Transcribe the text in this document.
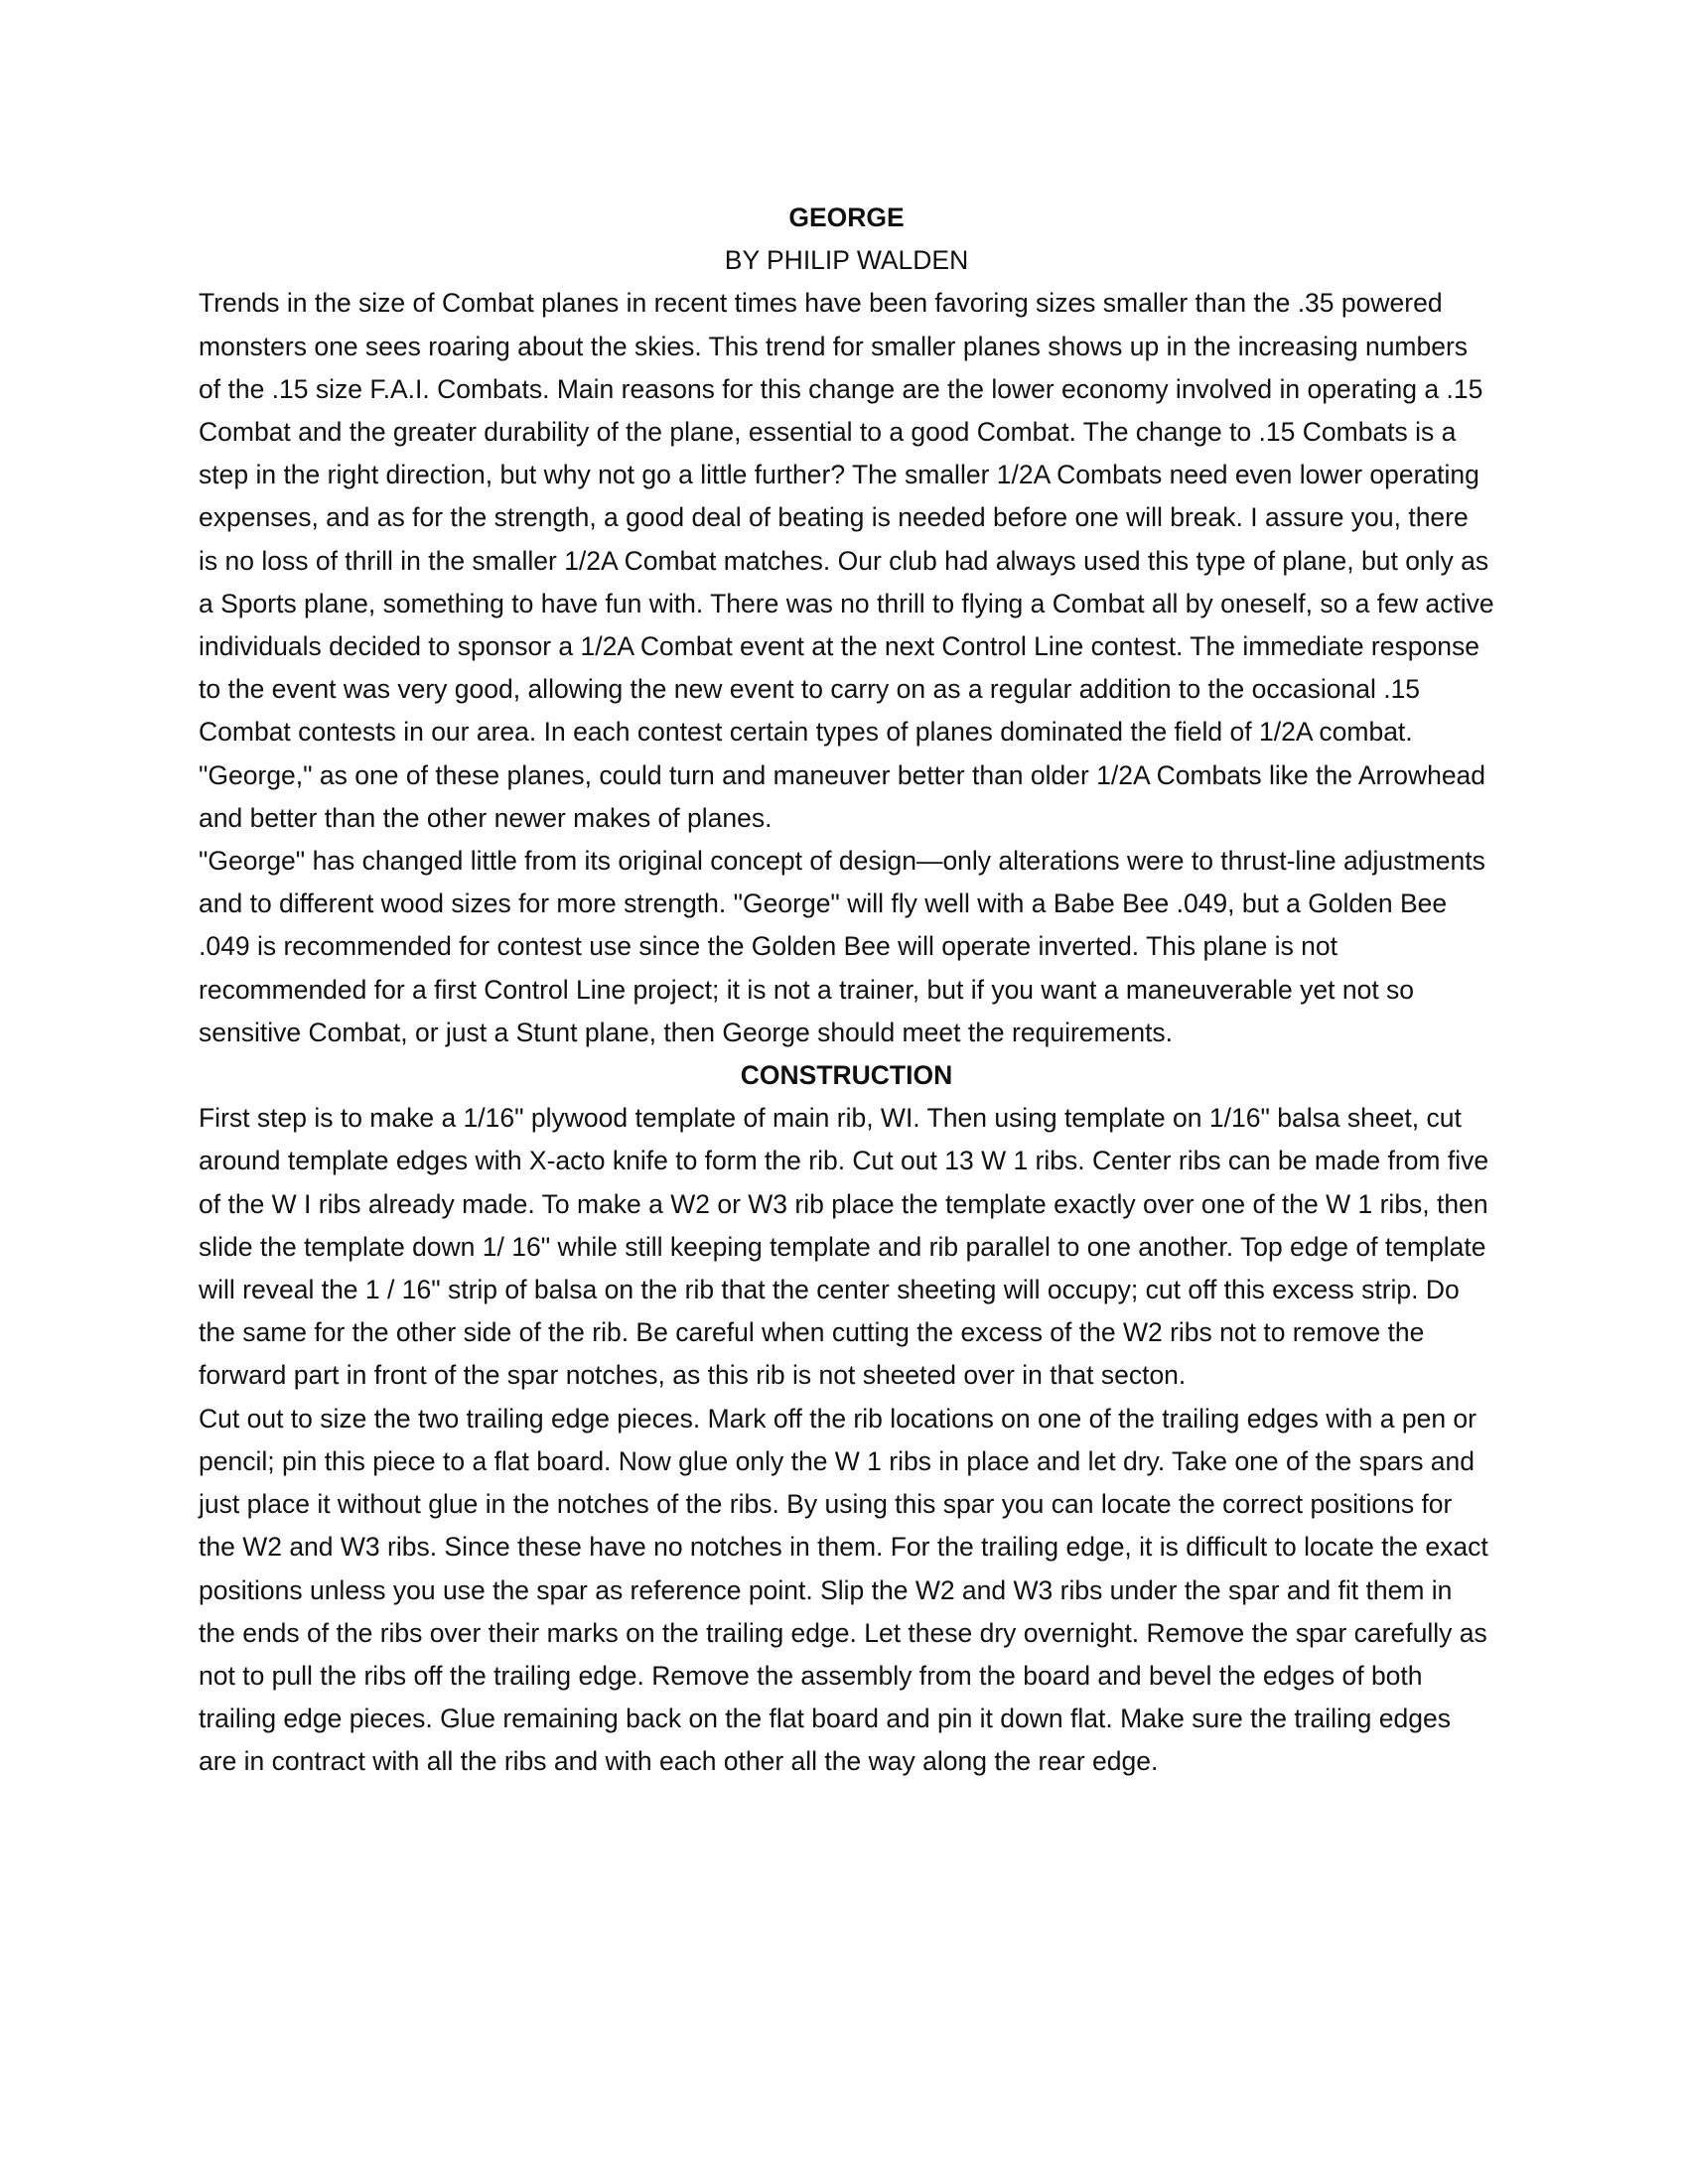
GEORGE

BY PHILIP WALDEN

Trends in the size of Combat planes in recent times have been favoring sizes smaller than the .35 powered monsters one sees roaring about the skies. This trend for smaller planes shows up in the increasing numbers of the .15 size F.A.I. Combats. Main reasons for this change are the lower economy involved in operating a .15 Combat and the greater durability of the plane, essential to a good Combat. The change to .15 Combats is a step in the right direction, but why not go a little further? The smaller 1/2A Combats need even lower operating expenses, and as for the strength, a good deal of beating is needed before one will break. I assure you, there is no loss of thrill in the smaller 1/2A Combat matches. Our club had always used this type of plane, but only as a Sports plane, something to have fun with. There was no thrill to flying a Combat all by oneself, so a few active individuals decided to sponsor a 1/2A Combat event at the next Control Line contest. The immediate response to the event was very good, allowing the new event to carry on as a regular addition to the occasional .15 Combat contests in our area. In each contest certain types of planes dominated the field of 1/2A combat. "George," as one of these planes, could turn and maneuver better than older 1/2A Combats like the Arrowhead and better than the other newer makes of planes.

"George" has changed little from its original concept of design—only alterations were to thrust-line adjustments and to different wood sizes for more strength. "George" will fly well with a Babe Bee .049, but a Golden Bee .049 is recommended for contest use since the Golden Bee will operate inverted. This plane is not recommended for a first Control Line project; it is not a trainer, but if you want a maneuverable yet not so sensitive Combat, or just a Stunt plane, then George should meet the requirements.

CONSTRUCTION

First step is to make a 1/16" plywood template of main rib, WI. Then using template on 1/16" balsa sheet, cut around template edges with X-acto knife to form the rib. Cut out 13 W 1 ribs. Center ribs can be made from five of the W I ribs already made. To make a W2 or W3 rib place the template exactly over one of the W 1 ribs, then slide the template down 1/ 16" while still keeping template and rib parallel to one another. Top edge of template will reveal the 1 / 16" strip of balsa on the rib that the center sheeting will occupy; cut off this excess strip. Do the same for the other side of the rib. Be careful when cutting the excess of the W2 ribs not to remove the forward part in front of the spar notches, as this rib is not sheeted over in that secton.

Cut out to size the two trailing edge pieces. Mark off the rib locations on one of the trailing edges with a pen or pencil; pin this piece to a flat board. Now glue only the W 1 ribs in place and let dry. Take one of the spars and just place it without glue in the notches of the ribs. By using this spar you can locate the correct positions for the W2 and W3 ribs. Since these have no notches in them. For the trailing edge, it is difficult to locate the exact positions unless you use the spar as reference point. Slip the W2 and W3 ribs under the spar and fit them in the ends of the ribs over their marks on the trailing edge. Let these dry overnight. Remove the spar carefully as not to pull the ribs off the trailing edge. Remove the assembly from the board and bevel the edges of both trailing edge pieces. Glue remaining back on the flat board and pin it down flat. Make sure the trailing edges are in contract with all the ribs and with each other all the way along the rear edge.
